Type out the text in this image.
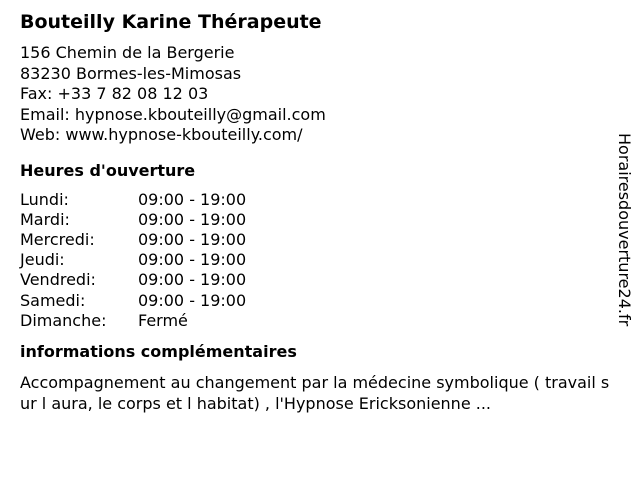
Bouteilly Karine Thérapeute
156 Chemin de la Bergerie
83230 Bormes-les-Mimosas
Fax: +33 7 82 08 12 03
Email: hypnose.kbouteilly@gmail.com
Web: www.hypnose-kbouteilly.com/
Heures d'ouverture
Lundi:	09:00 - 19:00
Mardi:	09:00 - 19:00
Mercredi:	09:00 - 19:00
Jeudi:	09:00 - 19:00
Vendredi:	09:00 - 19:00
Samedi:	09:00 - 19:00
Dimanche:	Fermé
informations complémentaires
Accompagnement au changement par la médecine symbolique ( travail sur l aura, le corps et l habitat) , l'Hypnose Ericksonienne ...
Horairesdouverture24.fr
